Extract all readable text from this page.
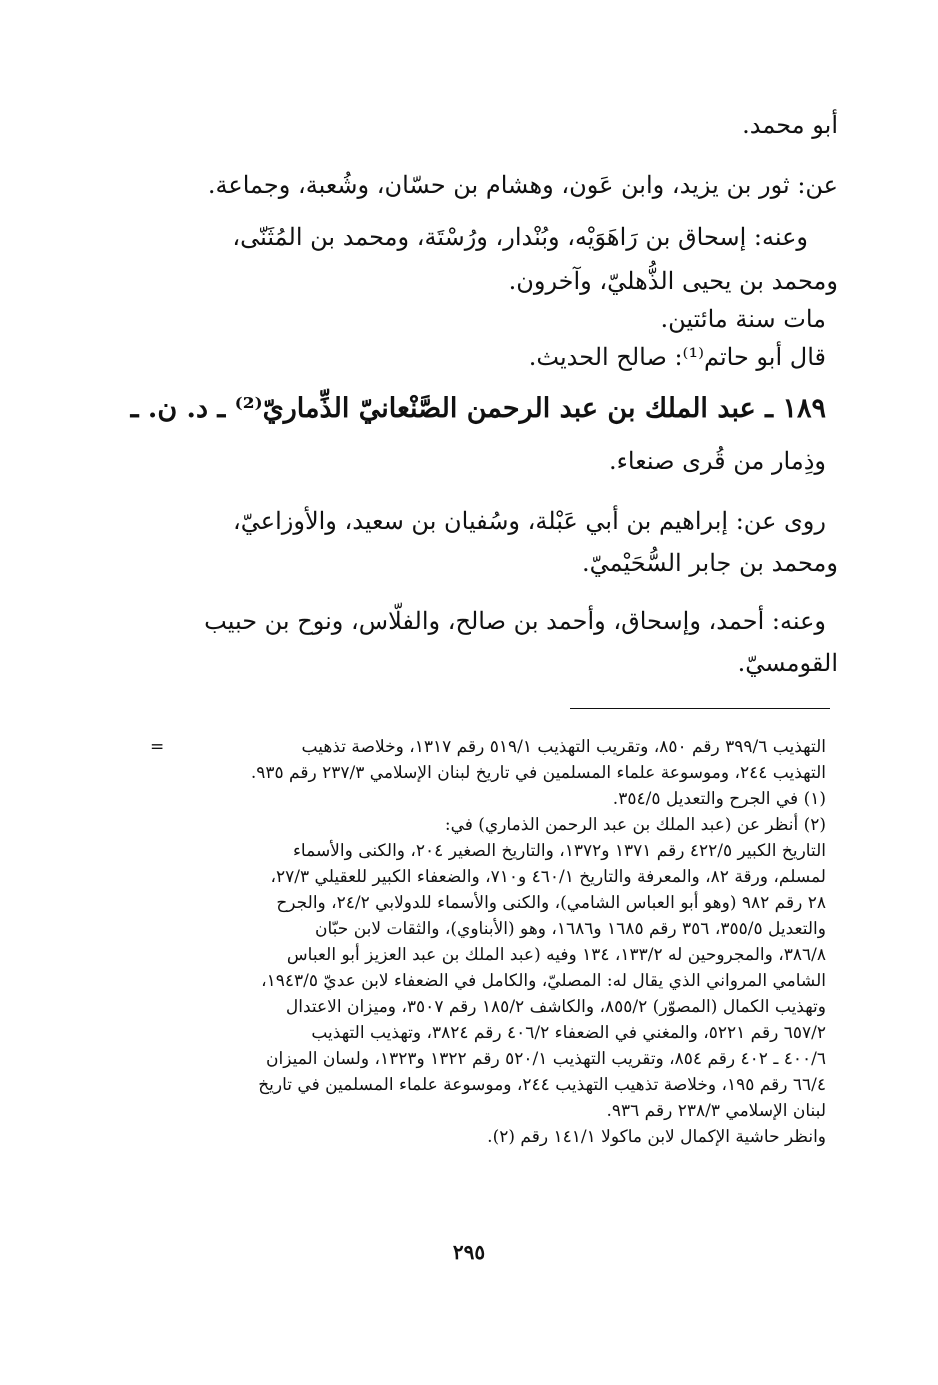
أبو محمد.
عن: ثور بن يزيد، وابن عَون، وهشام بن حسّان، وشُعبة، وجماعة.
وعنه: إسحاق بن رَاهَوَيْه، وبُنْدار، ورُسْتَة، ومحمد بن المُثَنّى،
ومحمد بن يحيى الذُّهليّ، وآخرون.
مات سنة مائتين.
قال أبو حاتم⁽¹⁾: صالح الحديث.
١٨٩ ـ عبد الملك بن عبد الرحمن الصَّنْعانيّ الذِّماريّ⁽²⁾ ـ د. ن. ـ
وذِمار من قُرى صنعاء.
روى عن: إبراهيم بن أبي عَبْلة، وسُفيان بن سعيد، والأوزاعيّ،
ومحمد بن جابر السُّحَيْميّ.
وعنه: أحمد، وإسحاق، وأحمد بن صالح، والفلّاس، ونوح بن حبيب
القومسيّ.
=	التهذيب ٣٩٩/٦ رقم ٨٥٠، وتقريب التهذيب ٥١٩/١ رقم ١٣١٧، وخلاصة تذهيب
التهذيب ٢٤٤، وموسوعة علماء المسلمين في تاريخ لبنان الإسلامي ٢٣٧/٣ رقم ٩٣٥.
(١) في الجرح والتعديل ٣٥٤/٥.
(٢) أنظر عن (عبد الملك بن عبد الرحمن الذماري) في:
التاريخ الكبير ٤٢٢/٥ رقم ١٣٧١ و١٣٧٢، والتاريخ الصغير ٢٠٤، والكنى والأسماء
لمسلم، ورقة ٨٢، والمعرفة والتاريخ ٤٦٠/١ و٧١٠، والضعفاء الكبير للعقيلي ٢٧/٣،
٢٨ رقم ٩٨٢ (وهو أبو العباس الشامي)، والكنى والأسماء للدولابي ٢٤/٢، والجرح
والتعديل ٣٥٥/٥، ٣٥٦ رقم ١٦٨٥ و١٦٨٦، وهو (الأبناوي)، والثقات لابن حبّان
٣٨٦/٨، والمجروحين له ١٣٣/٢، ١٣٤ وفيه (عبد الملك بن عبد العزيز أبو العباس
الشامي المرواني الذي يقال له: المصليّ، والكامل في الضعفاء لابن عديّ ١٩٤٣/٥،
وتهذيب الكمال (المصوّر) ٨٥٥/٢، والكاشف ١٨٥/٢ رقم ٣٥٠٧، وميزان الاعتدال
٦٥٧/٢ رقم ٥٢٢١، والمغني في الضعفاء ٤٠٦/٢ رقم ٣٨٢٤، وتهذيب التهذيب
٤٠٠/٦ ـ ٤٠٢ رقم ٨٥٤، وتقريب التهذيب ٥٢٠/١ رقم ١٣٢٢ و١٣٢٣، ولسان الميزان
٦٦/٤ رقم ١٩٥، وخلاصة تذهيب التهذيب ٢٤٤، وموسوعة علماء المسلمين في تاريخ
لبنان الإسلامي ٢٣٨/٣ رقم ٩٣٦.
وانظر حاشية الإكمال لابن ماكولا ١٤١/١ رقم (٢).
٢٩٥
